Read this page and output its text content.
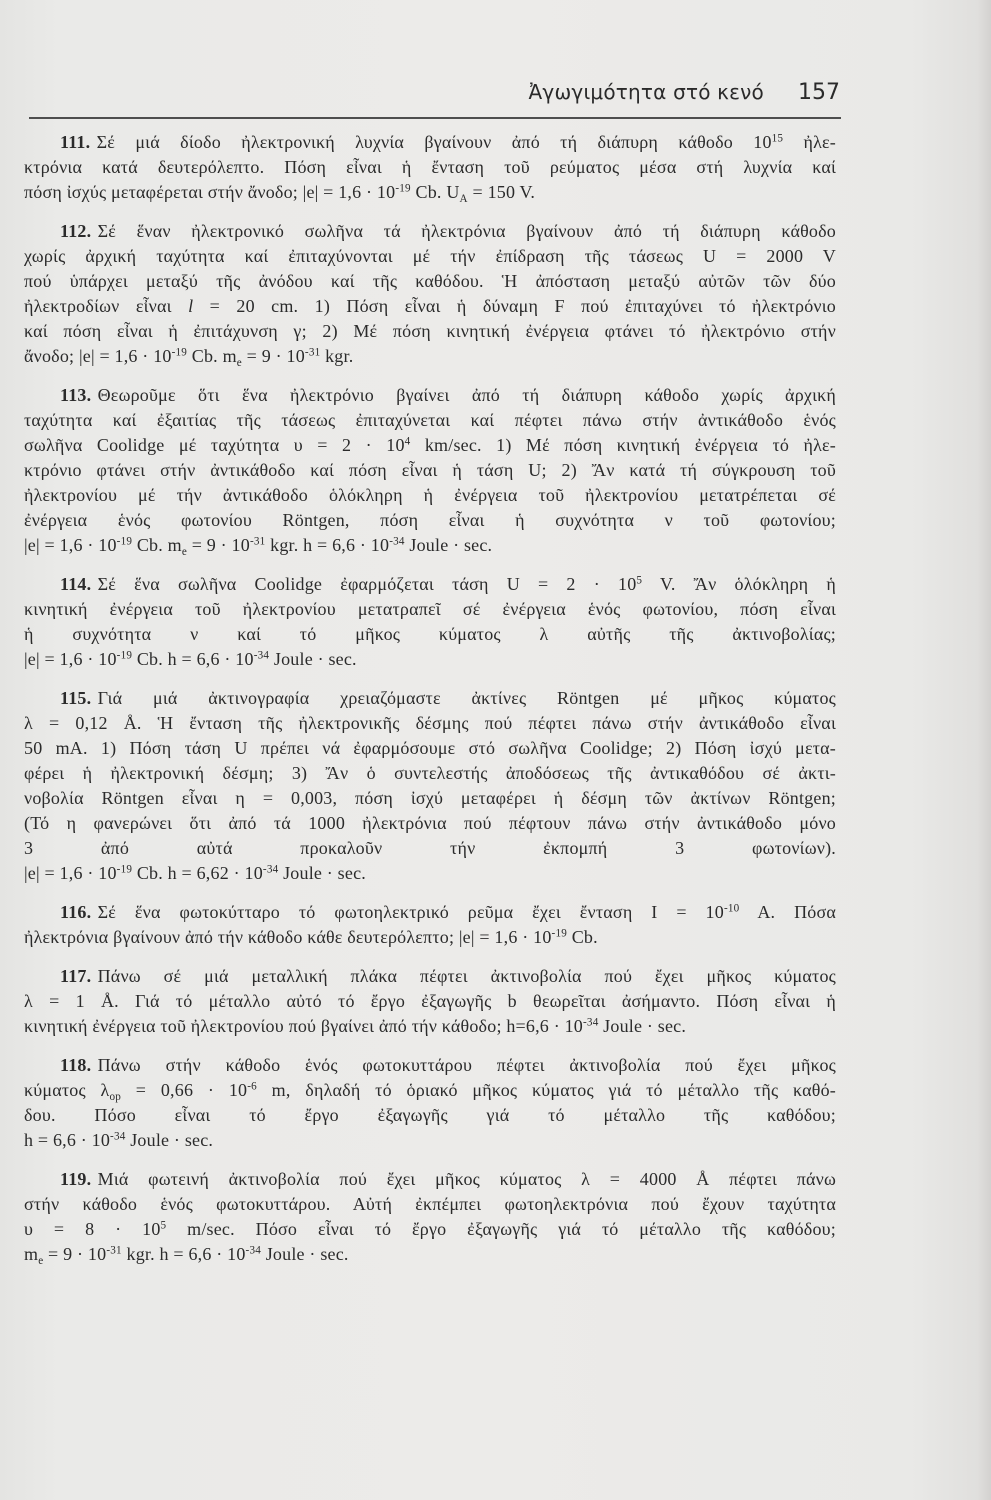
Ἀγωγιμότητα στό κενό 157
111. Σέ μιά δίοδο ἠλεκτρονική λυχνία βγαίνουν ἀπό τή διάπυρη κάθοδο $10^{15}$ ἠλε-
κτρόνια κατά δευτερόλεπτο. Πόση εἶναι ἡ ἔνταση τοῦ ρεύματος μέσα στή λυχνία καί
πόση ἰσχύς μεταφέρεται στήν ἄνοδο; $|e| = 1,6 \cdot 10^{-19}$ Cb. $U_A = 150$ V.
112. Σέ ἕναν ἠλεκτρονικό σωλῆνα τά ἠλεκτρόνια βγαίνουν ἀπό τή διάπυρη κάθοδο
χωρίς ἀρχική ταχύτητα καί ἐπιταχύνονται μέ τήν ἐπίδραση τῆς τάσεως U = 2000 V
πού ὑπάρχει μεταξύ τῆς ἀνόδου καί τῆς καθόδου. Ἡ ἀπόσταση μεταξύ αὐτῶν τῶν δύο
ἠλεκτροδίων εἶναι l = 20 cm. 1) Πόση εἶναι ἡ δύναμη F πού ἐπιταχύνει τό ἠλεκτρόνιο
καί πόση εἶναι ἡ ἐπιτάχυνση γ; 2) Μέ πόση κινητική ἐνέργεια φτάνει τό ἠλεκτρόνιο στήν
ἄνοδο; $|e| = 1,6 \cdot 10^{-19}$ Cb. $m_e = 9 \cdot 10^{-31}$ kgr.
113. Θεωροῦμε ὅτι ἕνα ἠλεκτρόνιο βγαίνει ἀπό τή διάπυρη κάθοδο χωρίς ἀρχική
ταχύτητα καί ἐξαιτίας τῆς τάσεως ἐπιταχύνεται καί πέφτει πάνω στήν ἀντικάθοδο ἑνός
σωλῆνα Coolidge μέ ταχύτητα $\upsilon = 2 \cdot 10^4$ km/sec. 1) Μέ πόση κινητική ἐνέργεια τό ἠλε-
κτρόνιο φτάνει στήν ἀντικάθοδο καί πόση εἶναι ἡ τάση U; 2) Ἄν κατά τή σύγκρουση τοῦ
ἠλεκτρονίου μέ τήν ἀντικάθοδο ὁλόκληρη ἡ ἐνέργεια τοῦ ἠλεκτρονίου μετατρέπεται σέ
ἐνέργεια ἑνός φωτονίου Röntgen, πόση εἶναι ἡ συχνότητα ν τοῦ φωτονίου;
$|e| = 1,6 \cdot 10^{-19}$ Cb. $m_e = 9 \cdot 10^{-31}$ kgr. $h = 6,6 \cdot 10^{-34}$ Joule · sec.
114. Σέ ἕνα σωλῆνα Coolidge ἐφαρμόζεται τάση $U = 2 \cdot 10^5$ V. Ἄν ὁλόκληρη ἡ
κινητική ἐνέργεια τοῦ ἠλεκτρονίου μετατραπεῖ σέ ἐνέργεια ἑνός φωτονίου, πόση εἶναι
ἡ συχνότητα ν καί τό μῆκος κύματος λ αὐτῆς τῆς ἀκτινοβολίας;
$|e| = 1,6 \cdot 10^{-19}$ Cb. $h = 6,6 \cdot 10^{-34}$ Joule · sec.
115. Γιά μιά ἀκτινογραφία χρειαζόμαστε ἀκτίνες Röntgen μέ μῆκος κύματος
λ = 0,12 Å. Ἡ ἔνταση τῆς ἠλεκτρονικῆς δέσμης πού πέφτει πάνω στήν ἀντικάθοδο εἶναι
50 mA. 1) Πόση τάση U πρέπει νά ἐφαρμόσουμε στό σωλῆνα Coolidge; 2) Πόση ἰσχύ μετα-
φέρει ἡ ἠλεκτρονική δέσμη; 3) Ἄν ὁ συντελεστής ἀποδόσεως τῆς ἀντικαθόδου σέ ἀκτι-
νοβολία Röntgen εἶναι η = 0,003, πόση ἰσχύ μεταφέρει ἡ δέσμη τῶν ἀκτίνων Röntgen;
(Τό η φανερώνει ὅτι ἀπό τά 1000 ἠλεκτρόνια πού πέφτουν πάνω στήν ἀντικάθοδο μόνο
3 ἀπό αὐτά προκαλοῦν τήν ἐκπομπή 3 φωτονίων).
$|e| = 1,6 \cdot 10^{-19}$ Cb. $h = 6,62 \cdot 10^{-34}$ Joule · sec.
116. Σέ ἕνα φωτοκύτταρο τό φωτοηλεκτρικό ρεῦμα ἔχει ἔνταση $I = 10^{-10}$ A. Πόσα
ἠλεκτρόνια βγαίνουν ἀπό τήν κάθοδο κάθε δευτερόλεπτο; $|e| = 1,6 \cdot 10^{-19}$ Cb.
117. Πάνω σέ μιά μεταλλική πλάκα πέφτει ἀκτινοβολία πού ἔχει μῆκος κύματος
λ = 1 Å. Γιά τό μέταλλο αὐτό τό ἔργο ἐξαγωγῆς b θεωρεῖται ἀσήμαντο. Πόση εἶναι ἡ
κινητική ἐνέργεια τοῦ ἠλεκτρονίου πού βγαίνει ἀπό τήν κάθοδο; $h=6,6 \cdot 10^{-34}$ Joule · sec.
118. Πάνω στήν κάθοδο ἑνός φωτοκυττάρου πέφτει ἀκτινοβολία πού ἔχει μῆκος
κύματος $\lambda_{op} = 0,66 \cdot 10^{-6}$ m, δηλαδή τό ὁριακό μῆκος κύματος γιά τό μέταλλο τῆς καθό-
δου. Πόσο εἶναι τό ἔργο ἐξαγωγῆς γιά τό μέταλλο τῆς καθόδου;
$h = 6,6 \cdot 10^{-34}$ Joule · sec.
119. Μιά φωτεινή ἀκτινοβολία πού ἔχει μῆκος κύματος λ = 4000 Å πέφτει πάνω
στήν κάθοδο ἑνός φωτοκυττάρου. Αὐτή ἐκπέμπει φωτοηλεκτρόνια πού ἔχουν ταχύτητα
$\upsilon = 8 \cdot 10^5$ m/sec. Πόσο εἶναι τό ἔργο ἐξαγωγῆς γιά τό μέταλλο τῆς καθόδου;
$m_e = 9 \cdot 10^{-31}$ kgr. $h = 6,6 \cdot 10^{-34}$ Joule · sec.
